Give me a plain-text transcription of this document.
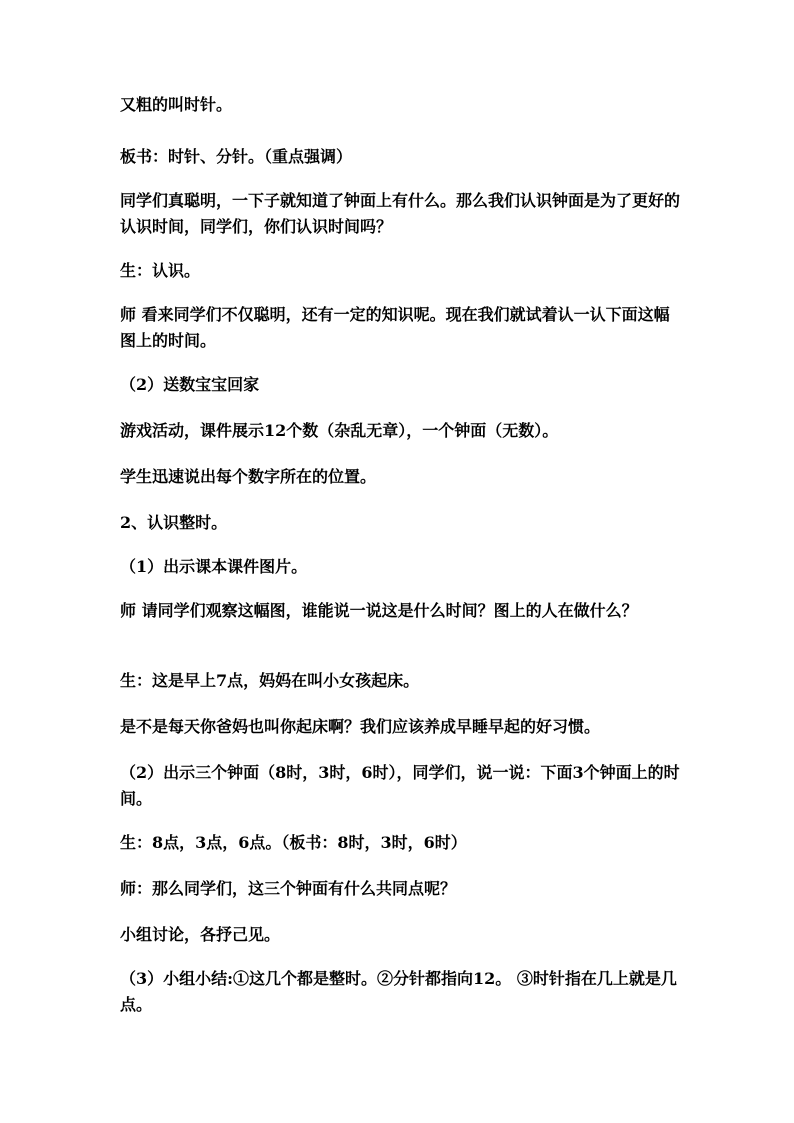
又粗的叫时针。

板书：时针、分针。（重点强调）

同学们真聪明，一下子就知道了钟面上有什么。那么我们认识钟面是为了更好的认识时间，同学们，你们认识时间吗？

生：认识。

师 看来同学们不仅聪明，还有一定的知识呢。现在我们就试着认一认下面这幅图上的时间。

（2）送数宝宝回家

游戏活动，课件展示12个数（杂乱无章），一个钟面（无数）。

学生迅速说出每个数字所在的位置。

2、认识整时。

（1）出示课本课件图片。

师 请同学们观察这幅图，谁能说一说这是什么时间？图上的人在做什么？

生：这是早上7点，妈妈在叫小女孩起床。

是不是每天你爸妈也叫你起床啊？我们应该养成早睡早起的好习惯。

（2）出示三个钟面（8时，3时，6时），同学们，说一说：下面3个钟面上的时间。

生：8点，3点，6点。（板书：8时，3时，6时）

师：那么同学们，这三个钟面有什么共同点呢？

小组讨论，各抒己见。

（3）小组小结:①这几个都是整时。②分针都指向12。 ③时针指在几上就是几点。
